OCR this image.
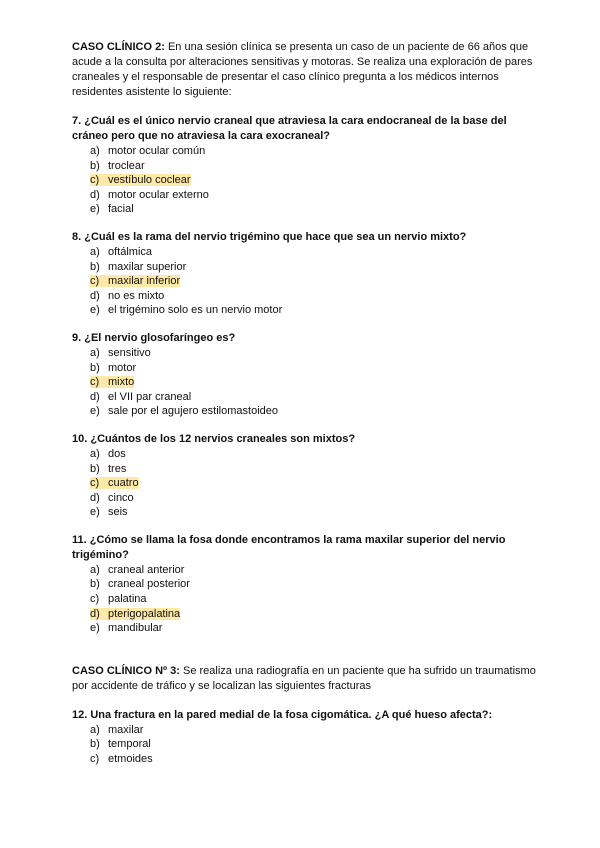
CASO CLÍNICO 2: En una sesión clínica se presenta un caso de un paciente de 66 años que acude a la consulta por alteraciones sensitivas y motoras. Se realiza una exploración de pares craneales y el responsable de presentar el caso clínico pregunta a los médicos internos residentes asistente lo siguiente:

7. ¿Cuál es el único nervio craneal que atraviesa la cara endocraneal de la base del cráneo pero que no atraviesa la cara exocraneal?

a) motor ocular común
b) troclear
c) vestíbulo coclear
d) motor ocular externo
e) facial

8. ¿Cuál es la rama del nervio trigémino que hace que sea un nervio mixto?

a) oftálmica
b) maxilar superior
c) maxilar inferior
d) no es mixto
e) el trigémino solo es un nervio motor

9. ¿El nervio glosofaríngeo es?

a) sensitivo
b) motor
c) mixto
d) el VII par craneal
e) sale por el agujero estilomastoideo

10. ¿Cuántos de los 12 nervios craneales son mixtos?

a) dos
b) tres
c) cuatro
d) cinco
e) seis

11. ¿Cómo se llama la fosa donde encontramos la rama maxilar superior del nervio trigémino?

a) craneal anterior
b) craneal posterior
c) palatina
d) pterigopalatina
e) mandibular

CASO CLÍNICO Nº 3: Se realiza una radiografía en un paciente que ha sufrido un traumatismo por accidente de tráfico y se localizan las siguientes fracturas

12. Una fractura en la pared medial de la fosa cigomática. ¿A qué hueso afecta?:

a) maxilar
b) temporal
c) etmoides
